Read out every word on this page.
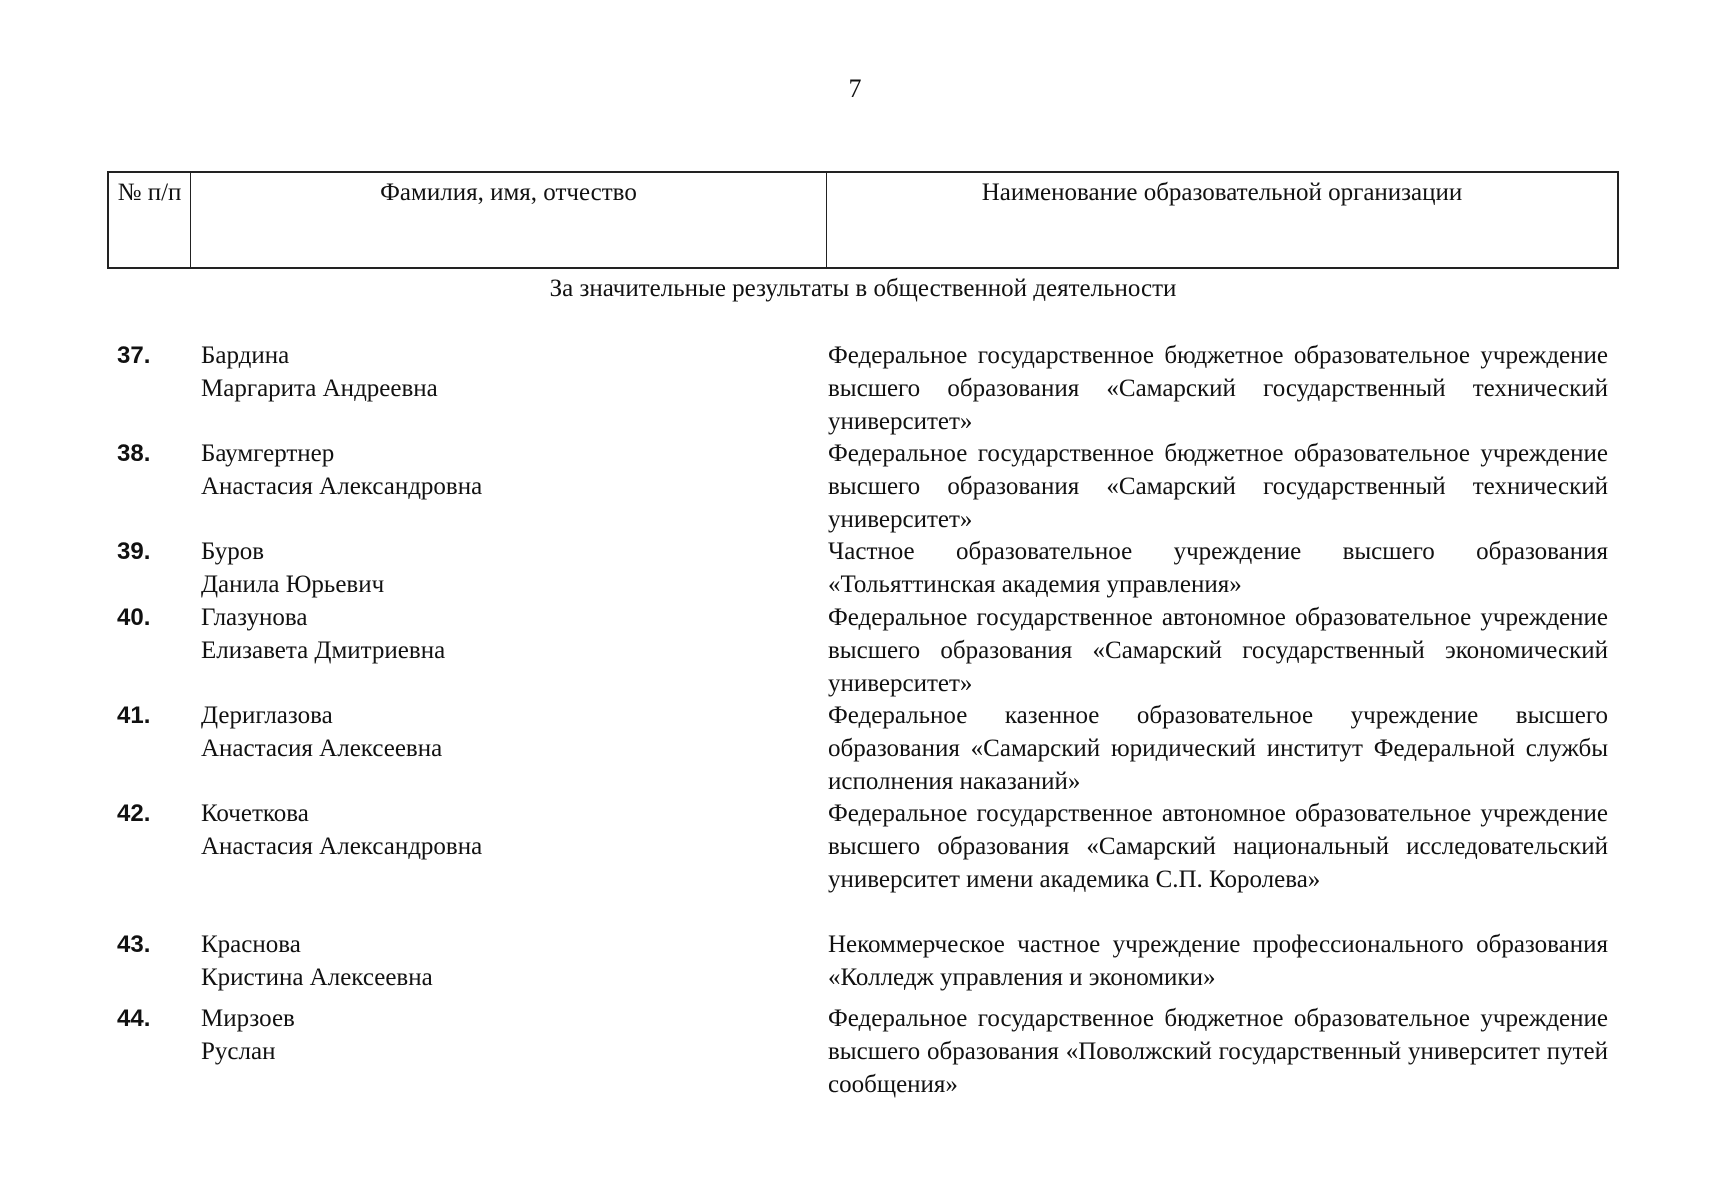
7
№ п/п	Фамилия, имя, отчество	Наименование образовательной организации
За значительные результаты в общественной деятельности
37. Бардина
Маргарита Андреевна
Федеральное государственное бюджетное образовательное учреждение высшего образования «Самарский государственный технический университет»
38. Баумгертнер
Анастасия Александровна
Федеральное государственное бюджетное образовательное учреждение высшего образования «Самарский государственный технический университет»
39. Буров
Данила Юрьевич
Частное образовательное учреждение высшего образования «Тольяттинская академия управления»
40. Глазунова
Елизавета Дмитриевна
Федеральное государственное автономное образовательное учреждение высшего образования «Самарский государственный экономический университет»
41. Дериглазова
Анастасия Алексеевна
Федеральное казенное образовательное учреждение высшего образования «Самарский юридический институт Федеральной службы исполнения наказаний»
42. Кочеткова
Анастасия Александровна
Федеральное государственное автономное образовательное учреждение высшего образования «Самарский национальный исследовательский университет имени академика С.П. Королева»
43. Краснова
Кристина Алексеевна
Некоммерческое частное учреждение профессионального образования «Колледж управления и экономики»
44. Мирзоев
Руслан
Федеральное государственное бюджетное образовательное учреждение высшего образования «Поволжский государственный университет путей сообщения»
